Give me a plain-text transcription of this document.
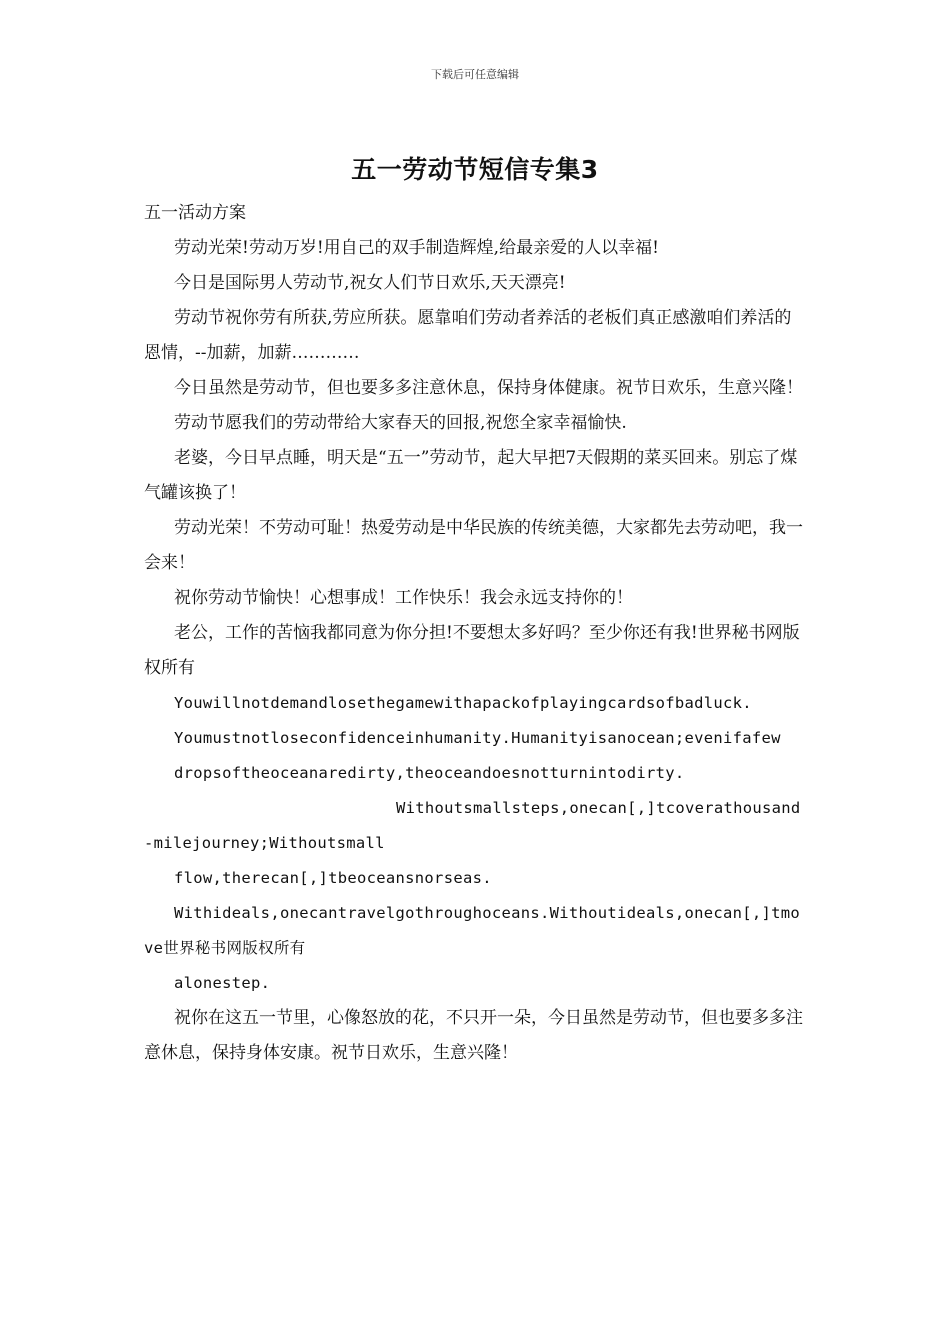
下载后可任意编辑
五一劳动节短信专集3

五一活动方案

劳动光荣!劳动万岁!用自己的双手制造辉煌,给最亲爱的人以幸福!

今日是国际男人劳动节,祝女人们节日欢乐,天天漂亮!

劳动节祝你劳有所获,劳应所获。愿靠咱们劳动者养活的老板们真正感激咱们养活的恩情，--加薪，加薪…………

今日虽然是劳动节，但也要多多注意休息，保持身体健康。祝节日欢乐，生意兴隆！

劳动节愿我们的劳动带给大家春天的回报,祝您全家幸福愉快.

老婆，今日早点睡，明天是“五一”劳动节，起大早把7天假期的菜买回来。别忘了煤气罐该换了！

劳动光荣！不劳动可耻！热爱劳动是中华民族的传统美德，大家都先去劳动吧，我一会来！

祝你劳动节愉快！心想事成！工作快乐！我会永远支持你的！

老公，工作的苦恼我都同意为你分担!不要想太多好吗？至少你还有我!世界秘书网版权所有

Youwillnotdemandlosethegamewithapackofplayingcardsofbadluck.

Youmustnotloseconfidenceinhumanity.Humanityisanocean;evenifafew

dropsoftheoceanaredirty,theoceandoesnotturnintodirty.

Withoutsmallsteps,onecan[,]tcoverathousand-milejourney;Withoutsmall

flow,therecan[,]tbeoceansnorseas.

Withideals,onecantravelgothroughoceans.Withoutideals,onecan[,]tmove世界秘书网版权所有

alonestep.

祝你在这五一节里，心像怒放的花，不只开一朵，今日虽然是劳动节，但也要多多注意休息，保持身体安康。祝节日欢乐，生意兴隆！
